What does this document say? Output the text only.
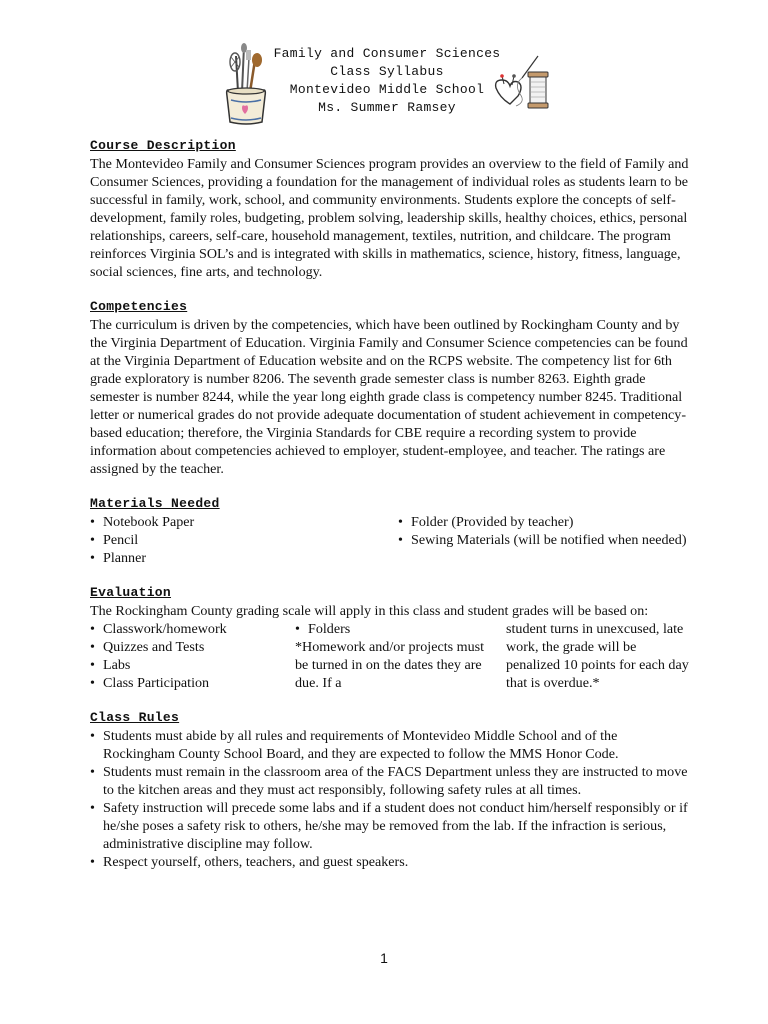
Family and Consumer Sciences
Class Syllabus
Montevideo Middle School
Ms. Summer Ramsey
Course Description

The Montevideo Family and Consumer Sciences program provides an overview to the field of Family and Consumer Sciences, providing a foundation for the management of individual roles as students learn to be successful in family, work, school, and community environments. Students explore the concepts of self-development, family roles, budgeting, problem solving, leadership skills, healthy choices, ethics, personal relationships, careers, self-care, household management, textiles, nutrition, and childcare. The program reinforces Virginia SOL’s and is integrated with skills in mathematics, science, history, fitness, language, social sciences, fine arts, and technology.

Competencies

The curriculum is driven by the competencies, which have been outlined by Rockingham County and by the Virginia Department of Education. Virginia Family and Consumer Science competencies can be found at the Virginia Department of Education website and on the RCPS website. The competency list for 6th grade exploratory is number 8206. The seventh grade semester class is number 8263. Eighth grade semester is number 8244, while the year long eighth grade class is competency number 8245. Traditional letter or numerical grades do not provide adequate documentation of student achievement in competency-based education; therefore, the Virginia Standards for CBE require a recording system to provide information about competencies achieved to employer, student-employee, and teacher. The ratings are assigned by the teacher.

Materials Needed
• Notebook Paper
• Pencil
• Planner
• Folder (Provided by teacher)
• Sewing Materials (will be notified when needed)
Evaluation

The Rockingham County grading scale will apply in this class and student grades will be based on:

• Classwork/homework
• Quizzes and Tests
• Labs
• Class Participation
• Folders

*Homework and/or projects must be turned in on the dates they are due. If a

student turns in unexcused, late work, the grade will be penalized 10 points for each day that is overdue.*

Class Rules
• Students must abide by all rules and requirements of Montevideo Middle School and of the Rockingham County School Board, and they are expected to follow the MMS Honor Code.
• Students must remain in the classroom area of the FACS Department unless they are instructed to move to the kitchen areas and they must act responsibly, following safety rules at all times.
• Safety instruction will precede some labs and if a student does not conduct him/herself responsibly or if he/she poses a safety risk to others, he/she may be removed from the lab. If the infraction is serious, administrative discipline may follow.
• Respect yourself, others, teachers, and guest speakers.
1
